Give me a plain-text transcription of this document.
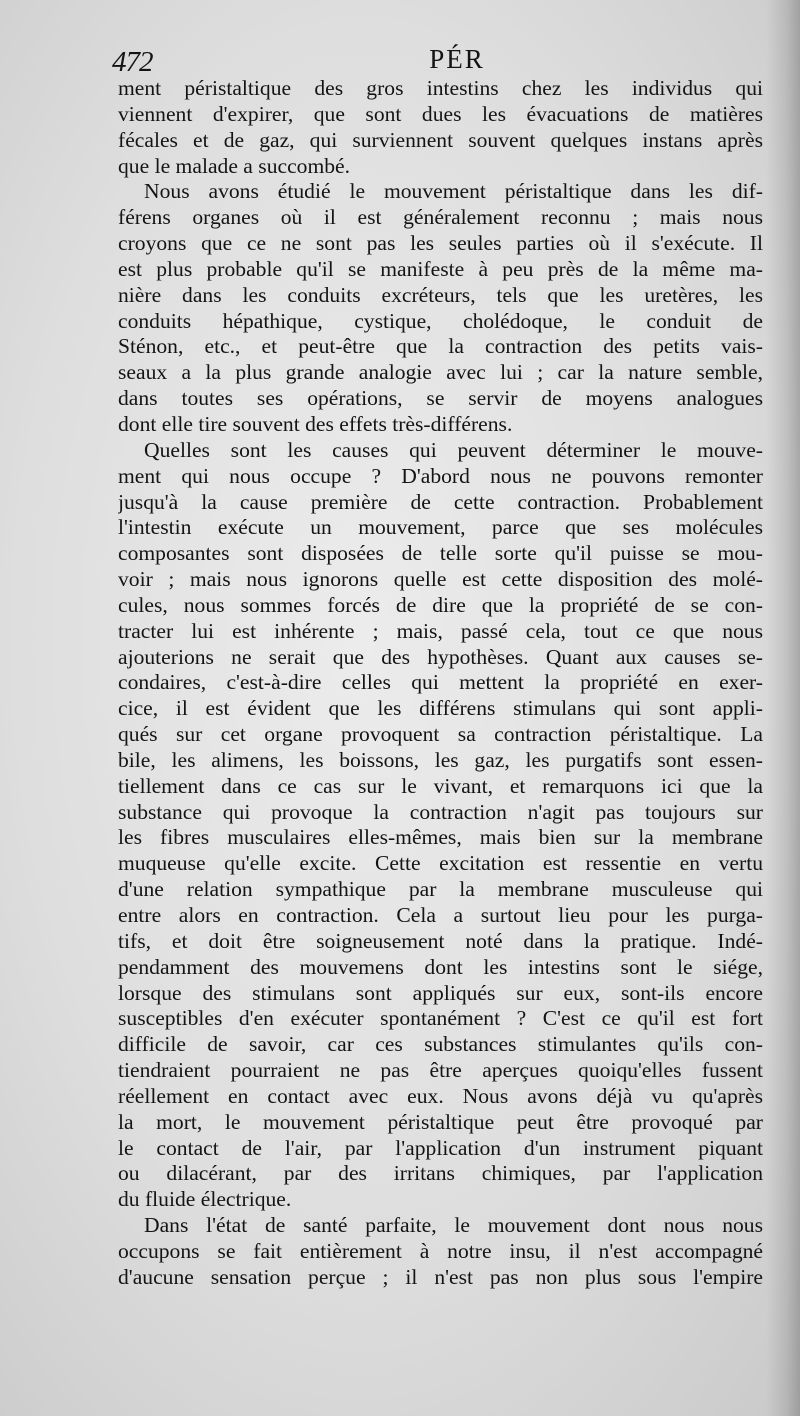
472	PÉR
ment péristaltique des gros intestins chez les individus qui
viennent d'expirer, que sont dues les évacuations de matières
fécales et de gaz, qui surviennent souvent quelques instans après
que le malade a succombé.
Nous avons étudié le mouvement péristaltique dans les dif-
férens organes où il est généralement reconnu ; mais nous
croyons que ce ne sont pas les seules parties où il s'exécute. Il
est plus probable qu'il se manifeste à peu près de la même ma-
nière dans les conduits excréteurs, tels que les uretères, les
conduits hépathique, cystique, cholédoque, le conduit de
Sténon, etc., et peut-être que la contraction des petits vais-
seaux a la plus grande analogie avec lui ; car la nature semble,
dans toutes ses opérations, se servir de moyens analogues
dont elle tire souvent des effets très-différens.
Quelles sont les causes qui peuvent déterminer le mouve-
ment qui nous occupe ? D'abord nous ne pouvons remonter
jusqu'à la cause première de cette contraction. Probablement
l'intestin exécute un mouvement, parce que ses molécules
composantes sont disposées de telle sorte qu'il puisse se mou-
voir ; mais nous ignorons quelle est cette disposition des molé-
cules, nous sommes forcés de dire que la propriété de se con-
tracter lui est inhérente ; mais, passé cela, tout ce que nous
ajouterions ne serait que des hypothèses. Quant aux causes se-
condaires, c'est-à-dire celles qui mettent la propriété en exer-
cice, il est évident que les différens stimulans qui sont appli-
qués sur cet organe provoquent sa contraction péristaltique. La
bile, les alimens, les boissons, les gaz, les purgatifs sont essen-
tiellement dans ce cas sur le vivant, et remarquons ici que la
substance qui provoque la contraction n'agit pas toujours sur
les fibres musculaires elles-mêmes, mais bien sur la membrane
muqueuse qu'elle excite. Cette excitation est ressentie en vertu
d'une relation sympathique par la membrane musculeuse qui
entre alors en contraction. Cela a surtout lieu pour les purga-
tifs, et doit être soigneusement noté dans la pratique. Indé-
pendamment des mouvemens dont les intestins sont le siége,
lorsque des stimulans sont appliqués sur eux, sont-ils encore
susceptibles d'en exécuter spontanément ? C'est ce qu'il est fort
difficile de savoir, car ces substances stimulantes qu'ils con-
tiendraient pourraient ne pas être aperçues quoiqu'elles fussent
réellement en contact avec eux. Nous avons déjà vu qu'après
la mort, le mouvement péristaltique peut être provoqué par
le contact de l'air, par l'application d'un instrument piquant
ou dilacérant, par des irritans chimiques, par l'application
du fluide électrique.
Dans l'état de santé parfaite, le mouvement dont nous nous
occupons se fait entièrement à notre insu, il n'est accompagné
d'aucune sensation perçue ; il n'est pas non plus sous l'empire
